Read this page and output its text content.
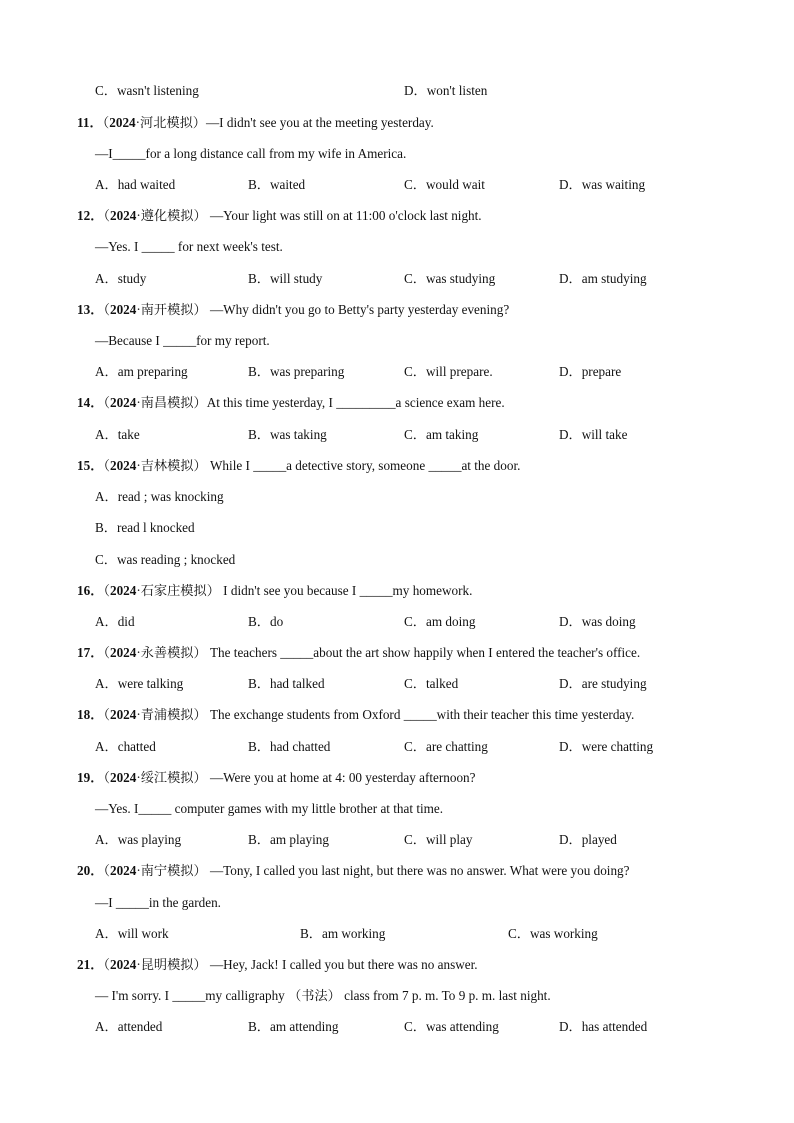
C．wasn't listening	D．won't listen
11．（2024·河北模拟）—I didn't see you at the meeting yesterday.
—I_____for a long distance call from my wife in America.
A．had waited	B．waited	C．would wait	D．was waiting
12．（2024·遵化模拟） —Your light was still on at 11:00 o'clock last night.
—Yes. I _____ for next week's test.
A．study	B．will study	C．was studying	D．am studying
13．（2024·南开模拟） —Why didn't you go to Betty's party yesterday evening?
—Because I _____for my report.
A．am preparing	B．was preparing	C．will prepare.	D．prepare
14．（2024·南昌模拟）At this time yesterday, I _________a science exam here.
A．take	B．was taking	C．am taking	D．will take
15．（2024·吉林模拟） While I _____a detective story, someone _____at the door.
A．read ; was knocking
B．read l knocked
C．was reading ; knocked
16．（2024·石家庄模拟） I didn't see you because I _____my homework.
A．did	B．do	C．am doing	D．was doing
17．（2024·永善模拟） The teachers _____about the art show happily when I entered the teacher's office.
A．were talking	B．had talked	C．talked	D．are studying
18．（2024·青浦模拟） The exchange students from Oxford _____with their teacher this time yesterday.
A．chatted	B．had chatted	C．are chatting	D．were chatting
19．（2024·绥江模拟） —Were you at home at 4: 00 yesterday afternoon?
—Yes. I_____ computer games with my little brother at that time.
A．was playing	B．am playing	C．will play	D．played
20．（2024·南宁模拟） —Tony, I called you last night, but there was no answer. What were you doing?
—I _____in the garden.
A．will work	B．am working	C．was working
21．（2024·昆明模拟） —Hey, Jack! I called you but there was no answer.
— I'm sorry. I _____my calligraphy （书法） class from 7 p. m. To 9 p. m. last night.
A．attended	B．am attending	C．was attending	D．has attended
